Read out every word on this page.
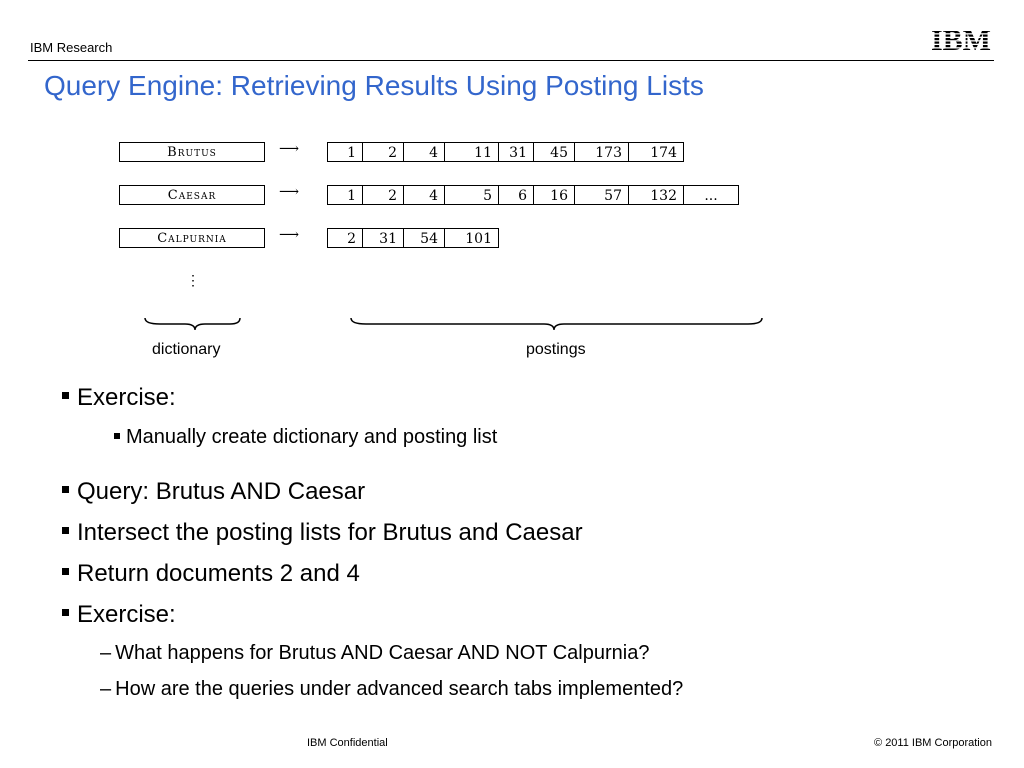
IBM Research	IBM
Query Engine: Retrieving Results Using Posting Lists
Brutus	⟶	1	2	4	11	31	45	173	174
Caesar	⟶	1	2	4	5	6	16	57	132	...
Calpurnia	⟶	2	31	54	101
⋮
dictionary	postings
Exercise:
Manually create dictionary and posting list
Query: Brutus AND Caesar
Intersect the posting lists for Brutus and Caesar
Return documents 2 and 4
Exercise:
– What happens for Brutus AND Caesar AND NOT Calpurnia?
– How are the queries under advanced search tabs implemented?
IBM Confidential	© 2011 IBM Corporation
